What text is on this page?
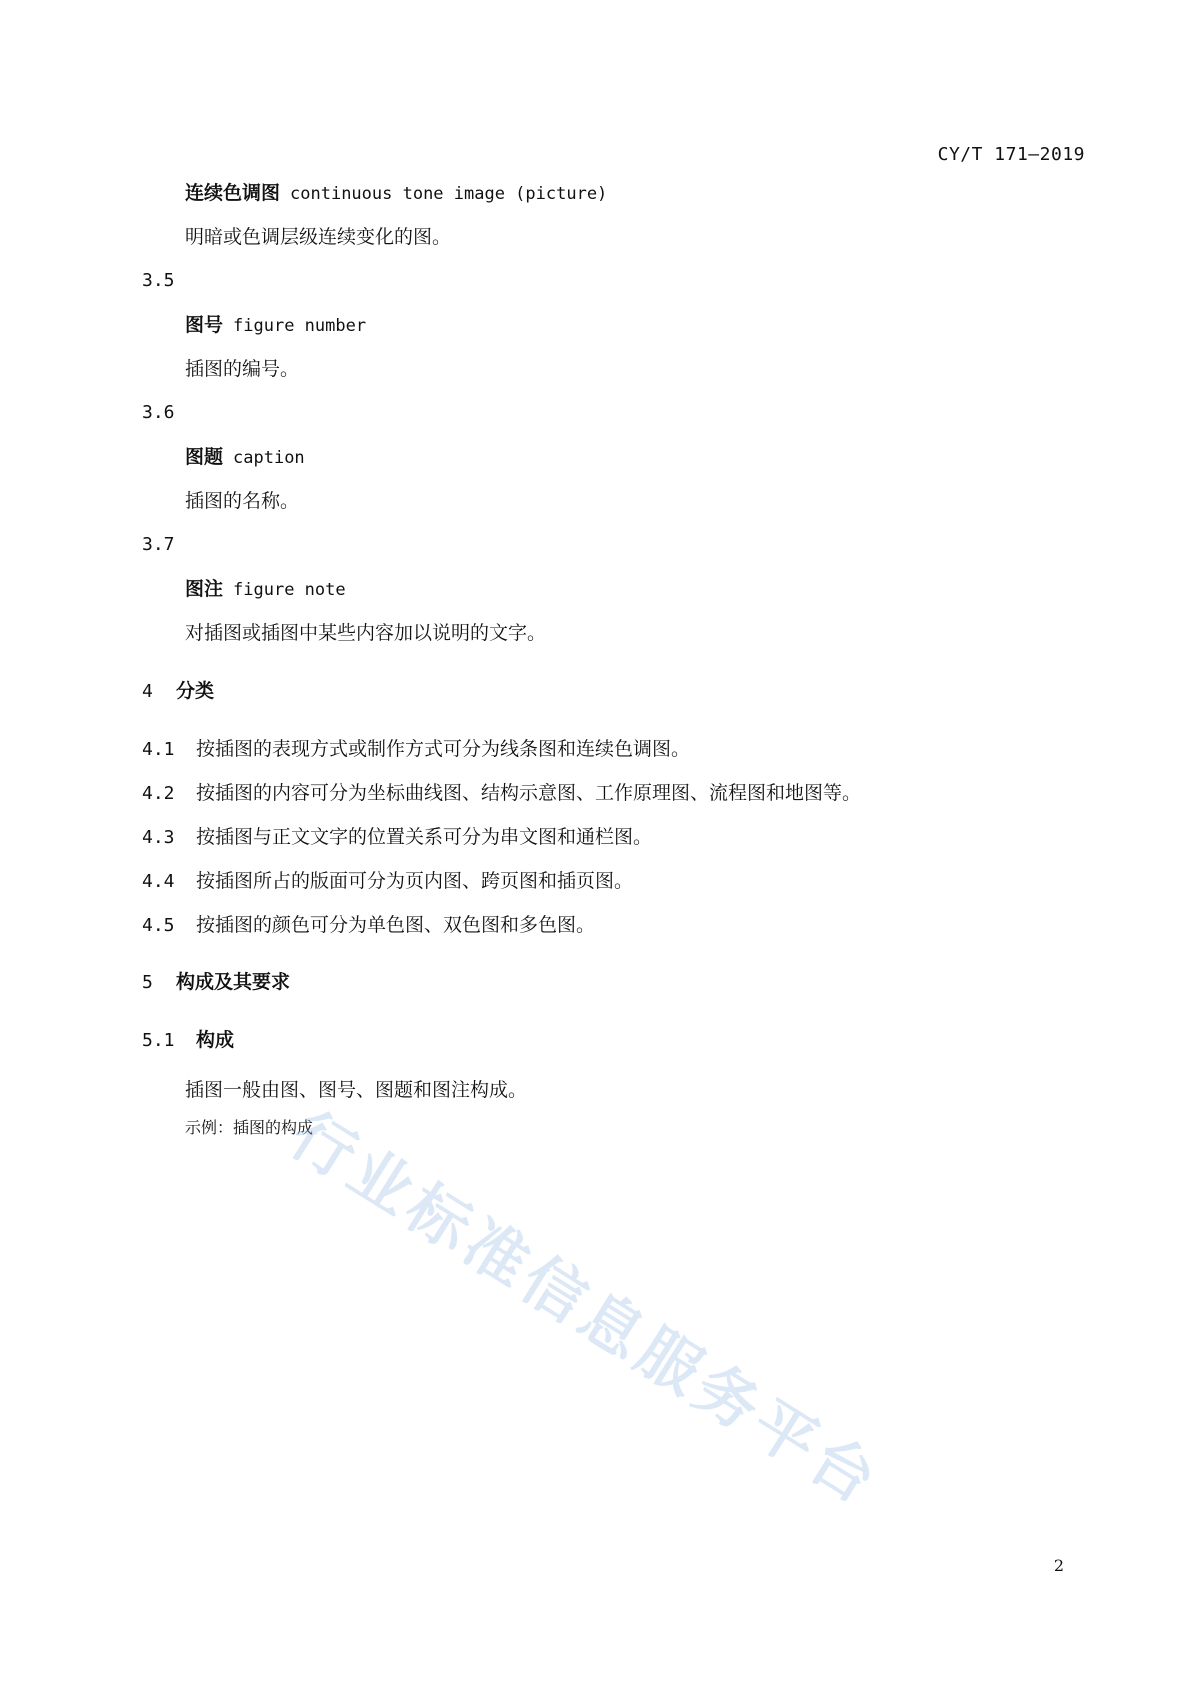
CY/T 171—2019
连续色调图 continuous tone image (picture)
明暗或色调层级连续变化的图。
3.5
图号 figure number
插图的编号。
3.6
图题 caption
插图的名称。
3.7
图注 figure note
对插图或插图中某些内容加以说明的文字。
4 分类
4.1 按插图的表现方式或制作方式可分为线条图和连续色调图。
4.2 按插图的内容可分为坐标曲线图、结构示意图、工作原理图、流程图和地图等。
4.3 按插图与正文文字的位置关系可分为串文图和通栏图。
4.4 按插图所占的版面可分为页内图、跨页图和插页图。
4.5 按插图的颜色可分为单色图、双色图和多色图。
5 构成及其要求
5.1 构成
插图一般由图、图号、图题和图注构成。
示例：插图的构成
行业标准信息服务平台
2
